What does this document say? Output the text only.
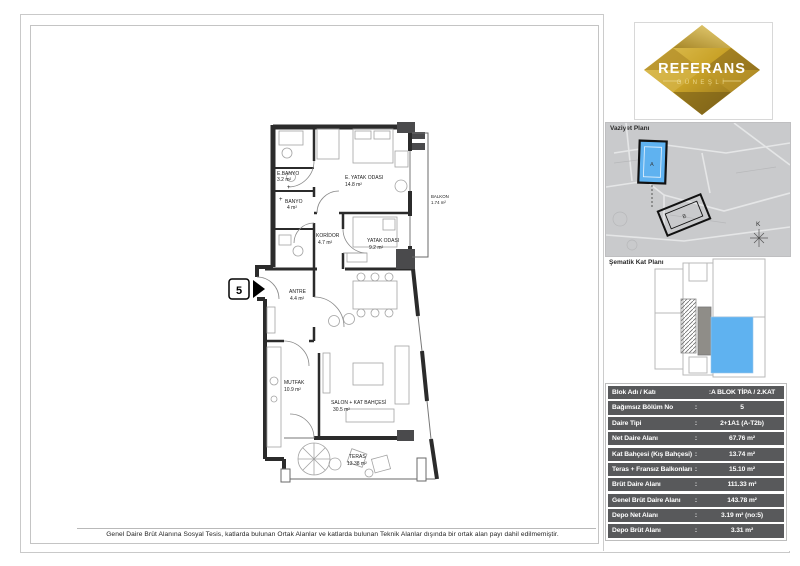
E.BANYO
3.2 m²
BANYO
4 m²
E. YATAK ODASI
14.8 m²
BALKON
1.74 m²
KORİDOR
4.7 m²	YATAK ODASI
9.2 m²
ANTRE
4.4 m²
MUTFAK
10.9 m²
SALON + KAT BAHÇESİ
30.5 m²
TERAS
13.38 m²
+
+
5
Genel Daire Brüt Alanına Sosyal Tesis, katlarda bulunan Ortak Alanlar ve katlarda bulunan Teknik Alanlar dışında bir ortak alan payı dahil edilmemiştir.
REFERANS
GÜNEŞLİ
Vaziyet Planı
A
B
K
Şematik Kat Planı
Blok Adı / Katı	:A BLOK TİPA / 2.KAT
Bağımsız Bölüm No	:	5
Daire Tipi	:	2+1A1 (A-T2b)
Net Daire Alanı	:	67.76 m²
Kat Bahçesi (Kış Bahçesi) :	13.74 m²
Teras + Fransız Balkonları :	15.10 m²
Brüt Daire Alanı	:	111.33 m²
Genel Brüt Daire Alanı	:	143.78 m²
Depo Net Alanı	:	3.19 m² (no:5)
Depo Brüt Alanı	:	3.31 m²
